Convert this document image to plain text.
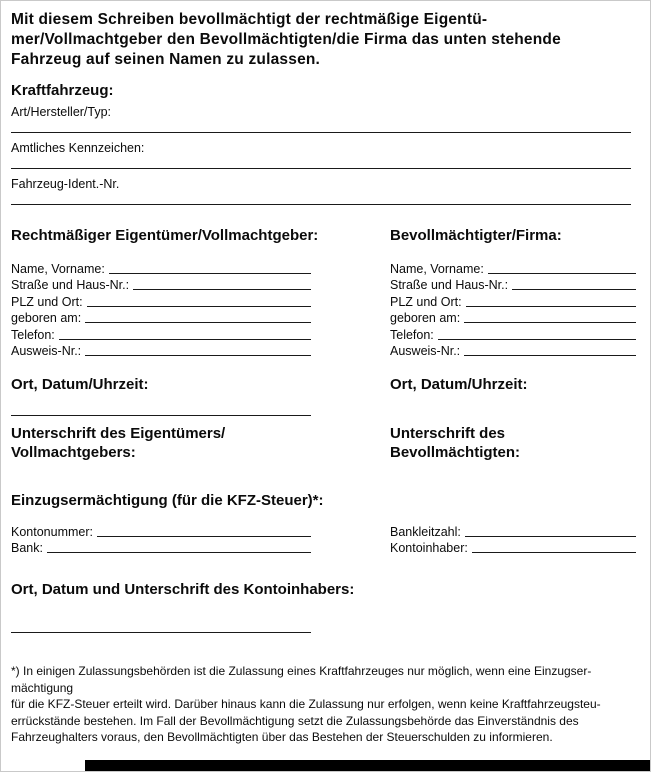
Mit diesem Schreiben bevollmächtigt der rechtmäßige Eigentü-
mer/Vollmachtgeber den Bevollmächtigten/die Firma das unten stehende
Fahrzeug auf seinen Namen zu zulassen.
Kraftfahrzeug:
Art/Hersteller/Typ:
Amtliches Kennzeichen:
Fahrzeug-Ident.-Nr.
Rechtmäßiger Eigentümer/Vollmachtgeber:
Name, Vorname:
Straße und Haus-Nr.:
PLZ und Ort:
geboren am:
Telefon:
Ausweis-Nr.:
Bevollmächtigter/Firma:
Name, Vorname:
Straße und Haus-Nr.:
PLZ und Ort:
geboren am:
Telefon:
Ausweis-Nr.:
Ort, Datum/Uhrzeit:	Ort, Datum/Uhrzeit:
Unterschrift des Eigentümers/
Vollmachtgebers:
Unterschrift des
Bevollmächtigten:
Einzugsermächtigung (für die KFZ-Steuer)*:
Kontonummer:
Bank:
Bankleitzahl:
Kontoinhaber:
Ort, Datum und Unterschrift des Kontoinhabers:
*) In einigen Zulassungsbehörden ist die Zulassung eines Kraftfahrzeuges nur möglich, wenn eine Einzugser-
mächtigung
für die KFZ-Steuer erteilt wird. Darüber hinaus kann die Zulassung nur erfolgen, wenn keine Kraftfahrzeugsteu-
errückstände bestehen. Im Fall der Bevollmächtigung setzt die Zulassungsbehörde das Einverständnis des
Fahrzeughalters voraus, den Bevollmächtigten über das Bestehen der Steuerschulden zu informieren.
